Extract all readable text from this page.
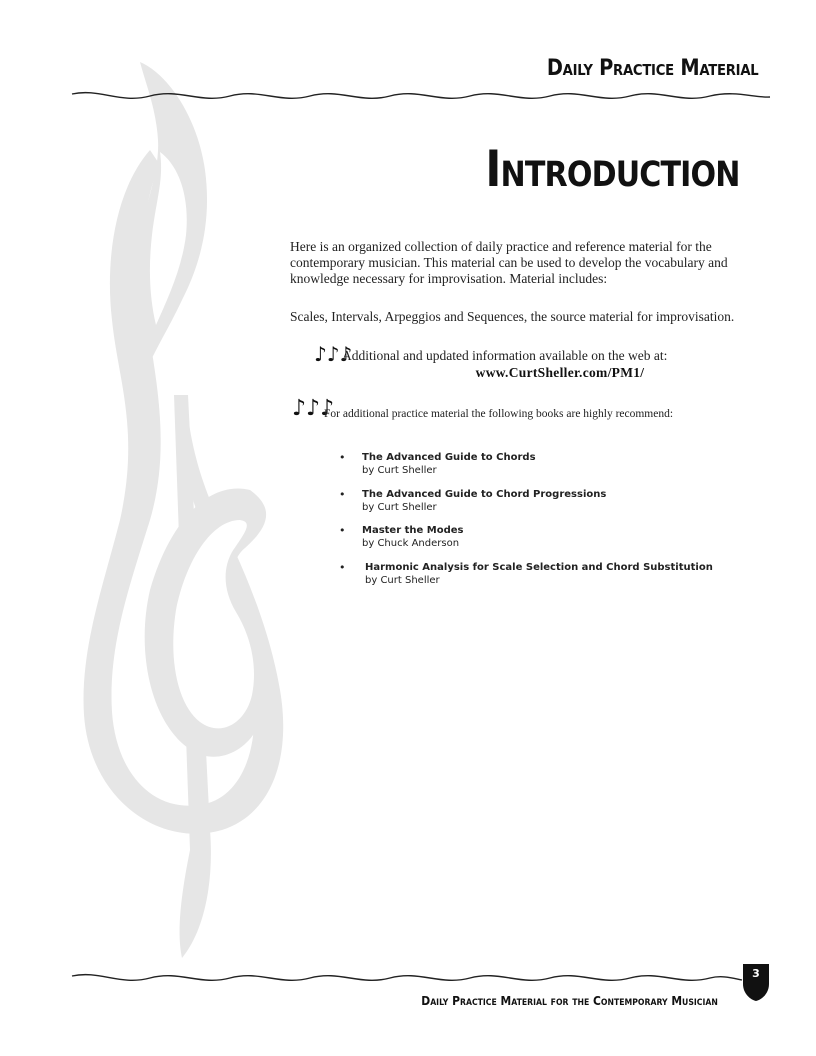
Daily Practice Material
Introduction

Here is an organized collection of daily practice and reference material for the contemporary musician. This material can be used to develop the vocabulary and knowledge necessary for improvisation. Material includes:

Scales, Intervals, Arpeggios and Sequences, the source material for improvisation.

♪♪♪
Additional and updated information available on the web at:
www.CurtSheller.com/PM1/
♪♪♪
For additional practice material the following books are highly recommend:
• The Advanced Guide to Chords
by Curt Sheller
• The Advanced Guide to Chord Progressions
by Curt Sheller
• Master the Modes
by Chuck Anderson
• Harmonic Analysis for Scale Selection and Chord Substitution
by Curt Sheller
3
Daily Practice Material for the Contemporary Musician
